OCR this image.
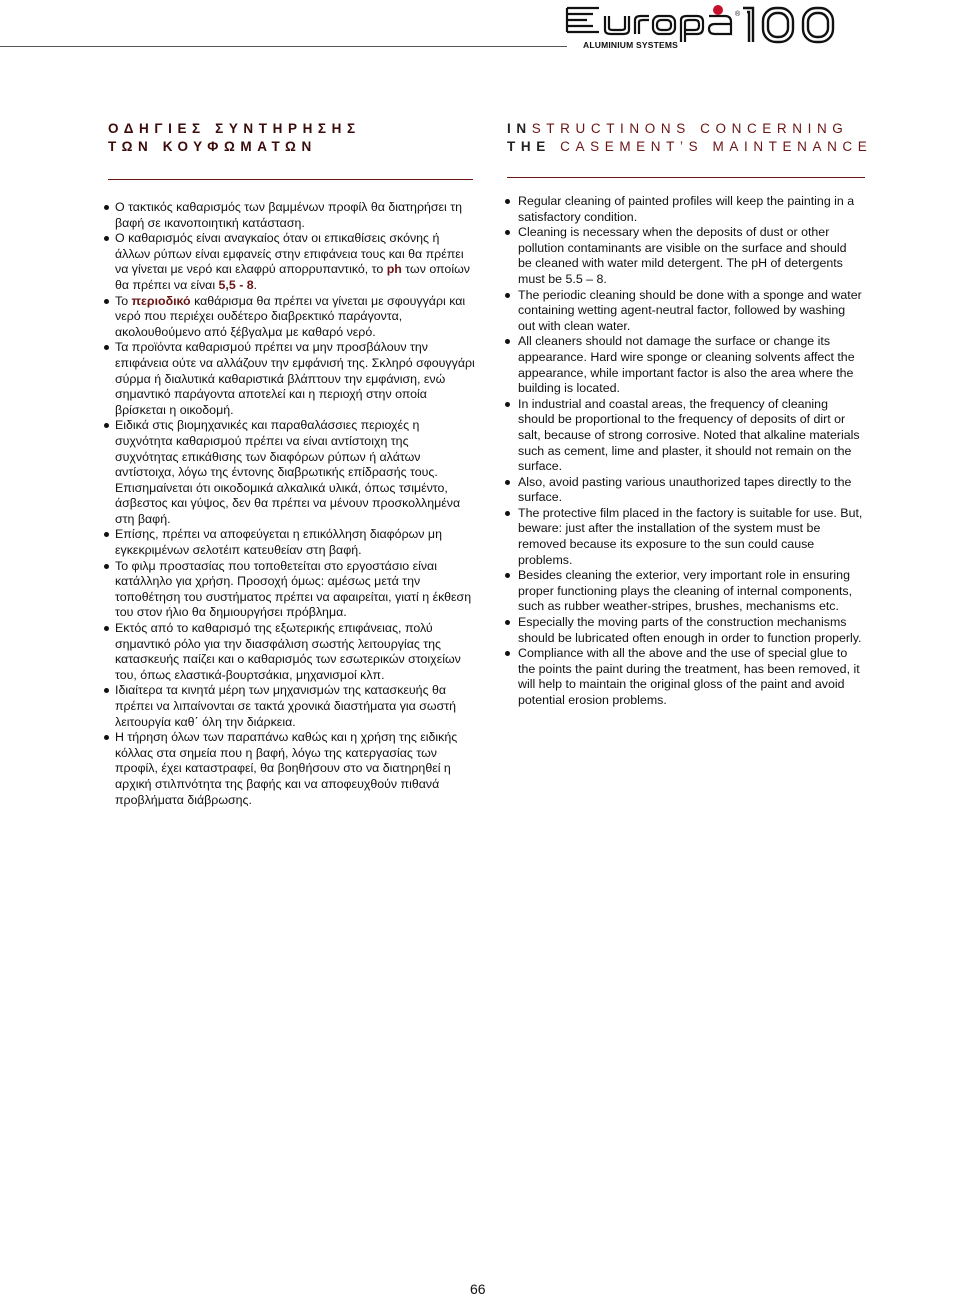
®
ALUMINIUM SYSTEMS
ΟΔΗΓΙΕΣ ΣΥΝΤΗΡΗΣΗΣ
ΤΩΝ ΚΟΥΦΩΜΑΤΩΝ
INSTRUCTINONS CONCERNING
THE CASEMENT’S MAINTENANCE
Ο τακτικός καθαρισμός των βαμμένων προφίλ θα διατηρήσει τη βαφή σε ικανοποιητική κατάσταση.
Ο καθαρισμός είναι αναγκαίος όταν οι επικαθίσεις σκόνης ή άλλων ρύπων είναι εμφανείς στην επιφάνεια τους και θα πρέπει να γίνεται με νερό και ελαφρύ απορρυπαντικό, το ph των οποίων θα πρέπει να είναι 5,5 - 8.
Το περιοδικό καθάρισμα θα πρέπει να γίνεται με σφουγγάρι και νερό που περιέχει ουδέτερο διαβρεκτικό παράγοντα, ακολουθούμενο από ξέβγαλμα με καθαρό νερό.
Τα προϊόντα καθαρισμού πρέπει να μην προσβάλουν την επιφάνεια ούτε να αλλάζουν την εμφάνισή της. Σκληρό σφουγγάρι σύρμα ή διαλυτικά καθαριστικά βλάπτουν την εμφάνιση, ενώ σημαντικό παράγοντα αποτελεί και η περιοχή στην οποία βρίσκεται η οικοδομή.
Ειδικά στις βιομηχανικές και παραθαλάσσιες περιοχές η συχνότητα καθαρισμού πρέπει να είναι αντίστοιχη της συχνότητας επικάθισης των διαφόρων ρύπων ή αλάτων αντίστοιχα, λόγω της έντονης διαβρωτικής επίδρασής τους. Επισημαίνεται ότι οικοδομικά αλκαλικά υλικά, όπως τσιμέντο, άσβεστος και γύψος, δεν θα πρέπει να μένουν προσκολλημένα στη βαφή.
Επίσης, πρέπει να αποφεύγεται η επικόλληση διαφόρων μη εγκεκριμένων σελοτέιπ κατευθείαν στη βαφή.
Το φιλμ προστασίας που τοποθετείται στο εργοστάσιο είναι κατάλληλο για χρήση. Προσοχή όμως: αμέσως μετά την τοποθέτηση του συστήματος πρέπει να αφαιρείται, γιατί η έκθεση του στον ήλιο θα δημιουργήσει πρόβλημα.
Εκτός από το καθαρισμό της εξωτερικής επιφάνειας, πολύ σημαντικό ρόλο για την διασφάλιση σωστής λειτουργίας της κατασκευής παίζει και ο καθαρισμός των εσωτερικών στοιχείων του, όπως ελαστικά-βουρτσάκια, μηχανισμοί κλπ.
Ιδιαίτερα τα κινητά μέρη των μηχανισμών της κατασκευής θα πρέπει να λιπαίνονται σε τακτά χρονικά διαστήματα για σωστή λειτουργία καθ΄ όλη την διάρκεια.
Η τήρηση όλων των παραπάνω καθώς και η χρήση της ειδικής κόλλας στα σημεία που η βαφή, λόγω της κατεργασίας των προφίλ, έχει καταστραφεί, θα βοηθήσουν στο να διατηρηθεί η αρχική στιλπνότητα της βαφής και να αποφευχθούν πιθανά προβλήματα διάβρωσης.
Regular cleaning of painted profiles will keep the painting in a satisfactory condition.
Cleaning is necessary when the deposits of dust or other pollution contaminants are visible on the surface and should be cleaned with water mild detergent. The pH of detergents must be 5.5 – 8.
The periodic cleaning should be done with a sponge and water containing wetting agent-neutral factor, followed by washing out with clean water.
All cleaners should not damage the surface or change its appearance. Hard wire sponge or cleaning solvents affect the appearance, while important factor is also the area where the building is located.
In industrial and coastal areas, the frequency of cleaning should be proportional to the frequency of deposits of dirt or salt, because of strong corrosive. Noted that alkaline materials such as cement, lime and plaster, it should not remain on the surface.
Also, avoid pasting various unauthorized tapes directly to the surface.
The protective film placed in the factory is suitable for use. But, beware: just after the installation of the system must be removed because its exposure to the sun could cause problems.
Besides cleaning the exterior, very important role in ensuring proper functioning plays the cleaning of internal components, such as rubber weather-stripes, brushes, mechanisms etc.
Especially the moving parts of the construction mechanisms should be lubricated often enough in order to function properly.
Compliance with all the above and the use of special glue to the points the paint during the treatment, has been removed, it will help to maintain the original gloss of the paint and avoid potential erosion problems.
66
